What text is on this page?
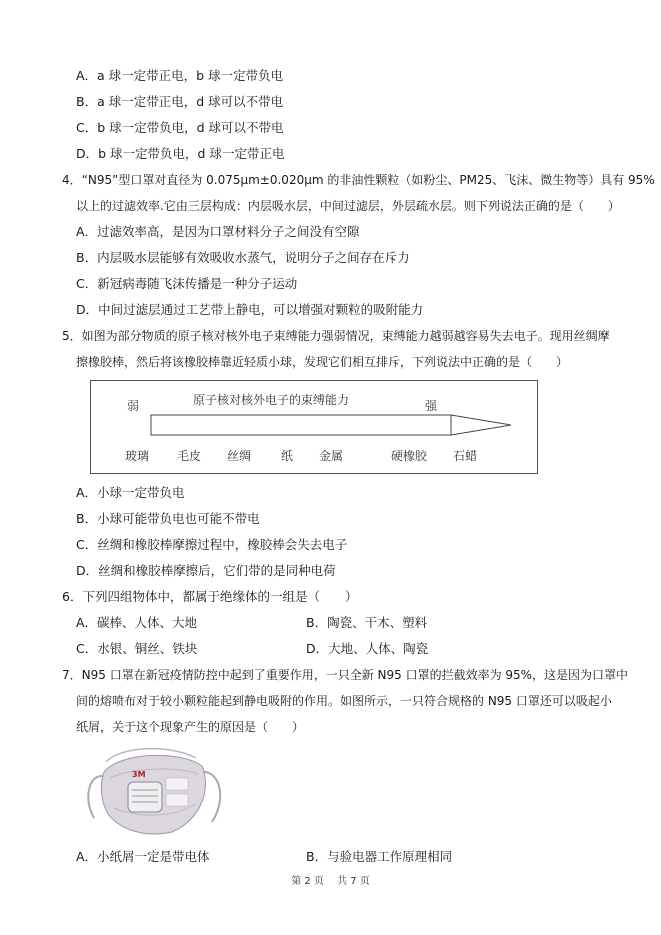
A．a 球一定带正电，b 球一定带负电
B．a 球一定带正电，d 球可以不带电
C．b 球一定带负电，d 球可以不带电
D．b 球一定带负电，d 球一定带正电
4．“N95”型口罩对直径为 0.075μm±0.020μm 的非油性颗粒（如粉尘、PM25、飞沫、微生物等）具有 95%
以上的过滤效率.它由三层构成：内层吸水层，中间过滤层，外层疏水层。则下列说法正确的是（　　）
A．过滤效率高，是因为口罩材料分子之间没有空隙
B．内层吸水层能够有效吸收水蒸气，说明分子之间存在斥力
C．新冠病毒随飞沫传播是一种分子运动
D．中间过滤层通过工艺带上静电，可以增强对颗粒的吸附能力
5．如图为部分物质的原子核对核外电子束缚能力强弱情况，束缚能力越弱越容易失去电子。现用丝绸摩
擦橡胶棒，然后将该橡胶棒靠近轻质小球，发现它们相互排斥，下列说法中正确的是（　　）
弱	原子核对核外电子的束缚能力	强
玻璃 毛皮 丝绸 纸 金属	硬橡胶 石蜡
A．小球一定带负电
B．小球可能带负电也可能不带电
C．丝绸和橡胶棒摩擦过程中，橡胶棒会失去电子
D．丝绸和橡胶棒摩擦后，它们带的是同种电荷
6．下列四组物体中，都属于绝缘体的一组是（　　）
A．碳棒、人体、大地	B．陶瓷、干木、塑料
C．水银、铜丝、铁块	D．大地、人体、陶瓷
7．N95 口罩在新冠疫情防控中起到了重要作用，一只全新 N95 口罩的拦截效率为 95%，这是因为口罩中
间的熔喷布对于较小颗粒能起到静电吸附的作用。如图所示，一只符合规格的 N95 口罩还可以吸起小
纸屑，关于这个现象产生的原因是（　　）
3M
A．小纸屑一定是带电体	B．与验电器工作原理相同
第 2 页　 共 7 页
